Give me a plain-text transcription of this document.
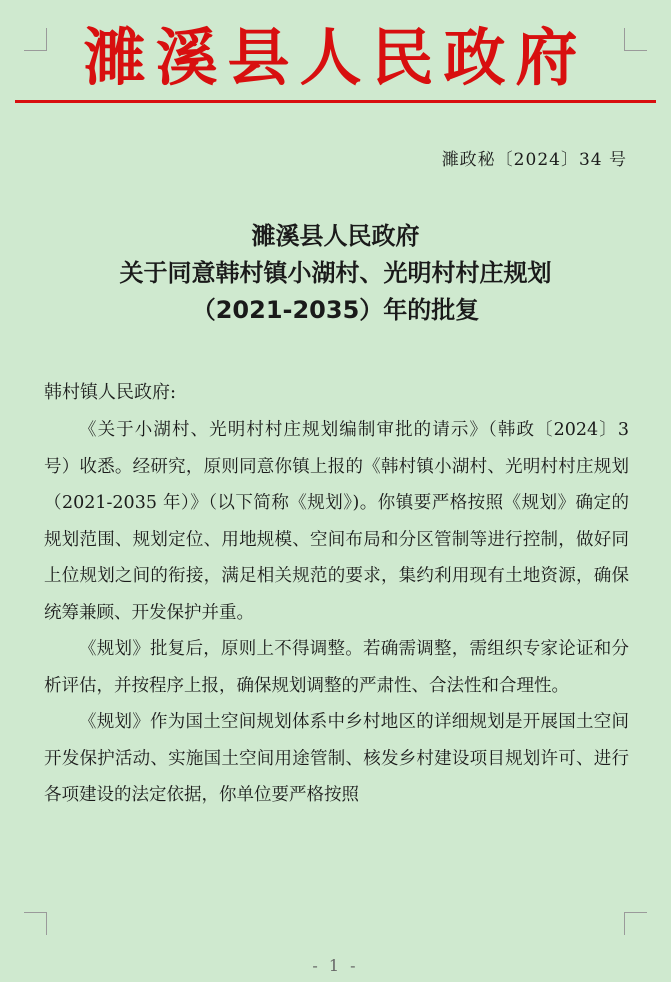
濉溪县人民政府
濉政秘〔2024〕34 号
濉溪县人民政府
关于同意韩村镇小湖村、光明村村庄规划
（2021-2035）年的批复
韩村镇人民政府:

《关于小湖村、光明村村庄规划编制审批的请示》（韩政〔2024〕3 号）收悉。经研究，原则同意你镇上报的《韩村镇小湖村、光明村村庄规划（2021-2035 年）》（以下简称《规划》)。你镇要严格按照《规划》确定的规划范围、规划定位、用地规模、空间布局和分区管制等进行控制，做好同上位规划之间的衔接，满足相关规范的要求，集约利用现有土地资源，确保统筹兼顾、开发保护并重。

《规划》批复后，原则上不得调整。若确需调整，需组织专家论证和分析评估，并按程序上报，确保规划调整的严肃性、合法性和合理性。

《规划》作为国土空间规划体系中乡村地区的详细规划是开展国土空间开发保护活动、实施国土空间用途管制、核发乡村建设项目规划许可、进行各项建设的法定依据，你单位要严格按照

- 1 -
